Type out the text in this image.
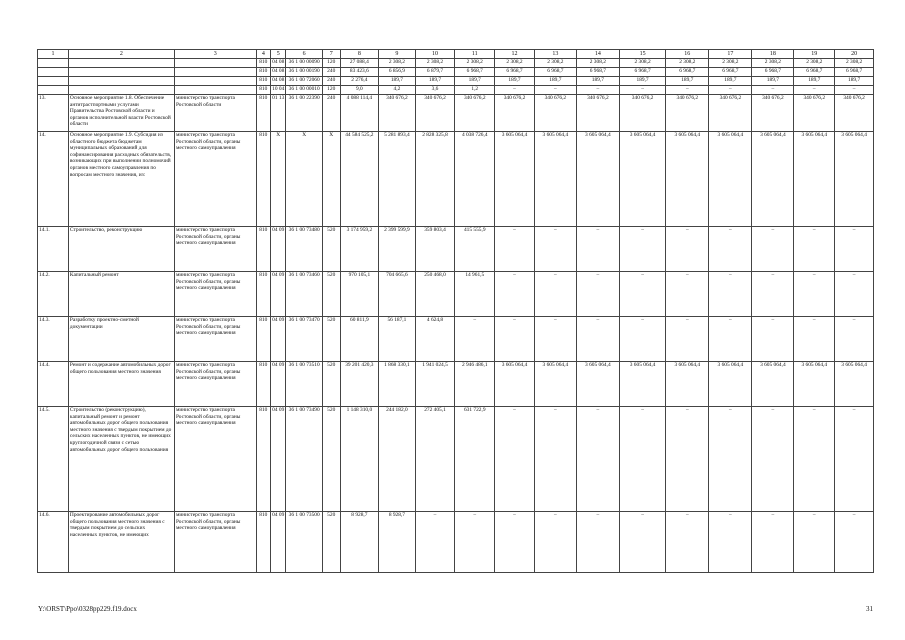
1	2	3	4	5	6	7	8	9	10	11	12	13	14	15	16	17	18	19	20
			810	04 08	36 1 00 00090	120	27 088,4	2 308,2	2 308,2	2 308,2	2 308,2	2 308,2	2 308,2	2 308,2	2 308,2	2 308,2	2 308,2	2 308,2	2 308,2
			810	04 08	36 1 00 00190	240	83 423,6	6 856,9	6 879,7	6 968,7	6 968,7	6 968,7	6 968,7	6 968,7	6 968,7	6 968,7	6 968,7	6 968,7	6 968,7
			810	04 08	36 1 00 72060	240	2 276,4	189,7	189,7	189,7	189,7	189,7	189,7	189,7	189,7	189,7	189,7	189,7	189,7
			810	10 04	36 1 00 00010	120	9,0	4,2	3,6	1,2	–	–	–	–	–	–	–	–	–
13.	Основное мероприятие 1.8. Обеспечение антитрастпортными услугами Правительства Ростовской области и органов исполнительной власти Ростовской области	министерство транспорта Ростовской области	810	01 13	36 1 00 22390	240	4 088 114,4	340 676,2	340 676,2	340 676,2	340 676,2	340 676,2	340 676,2	340 676,2	340 676,2	340 676,2	340 676,2	340 676,2	340 676,2
14.	Основное мероприятие 1.9. Субсидия из областного бюджета бюджетам муниципальных образований для софинансирования расходных обязательств, возникающих при выполнении полномочий органов местного самоуправления по вопросам местного значения, из:	министерство транспорта Ростовской области, органы местного самоуправления	810	X	X	X	44 584 525,2	5 281 893,4	2 828 325,8	4 038 726,4	3 605 064,4	3 605 064,4	3 605 064,4	3 605 064,4	3 605 064,4	3 605 064,4	3 605 064,4	3 605 064,4	3 605 064,4
14.1.	Строительство, реконструкцию	министерство транспорта Ростовской области, органы местного самоуправления	810	04 09	36 1 00 73480	520	3 174 959,2	2 399 599,9	359 803,4	415 555,9	–	–	–	–	–	–	–	–	–
14.2.	Капитальный ремонт	министерство транспорта Ростовской области, органы местного самоуправления	810	04 09	36 1 00 73460	520	970 105,1	704 665,6	250 468,0	14 961,5	–	–	–	–	–	–	–	–	–
14.3.	Разработку проектно-сметной документации	министерство транспорта Ростовской области, органы местного самоуправления	810	04 09	36 1 00 73470	520	60 811,9	56 187,1	4 624,8	–	–	–	–	–	–	–	–	–	–
14.4.	Ремонт и содержание автомобильных дорог общего пользования местного значения	министерство транспорта Ростовской области, органы местного самоуправления	810	04 09	36 1 00 73510	520	39 201 420,3	1 868 330,1	1 941 024,5	2 946 486,1	3 605 064,4	3 605 064,4	3 605 064,4	3 605 064,4	3 605 064,4	3 605 064,4	3 605 064,4	3 605 064,4	3 605 064,4
14.5.	Строительство (реконструкцию), капитальный ремонт и ремонт автомобильных дорог общего пользования местного значения с твердым покрытием до сельских населенных пунктов, не имеющих круглогодичной связи с сетью автомобильных дорог общего пользования	министерство транспорта Ростовской области, органы местного самоуправления	810	04 09	36 1 00 73490	520	1 148 310,0	244 182,0	272 405,1	631 722,9	–	–	–	–	–	–	–	–	–
14.6.	Проектирование автомобильных дорог общего пользования местного значения с твердым покрытием до сельских населенных пунктов, не имеющих	министерство транспорта Ростовской области, органы местного самоуправления	810	04 09	36 1 00 73500	520	8 928,7	8 928,7	–	–	–	–	–	–	–	–	–	–	–
Y:\ORST\Ppo\0328pp229.f19.docx	31
